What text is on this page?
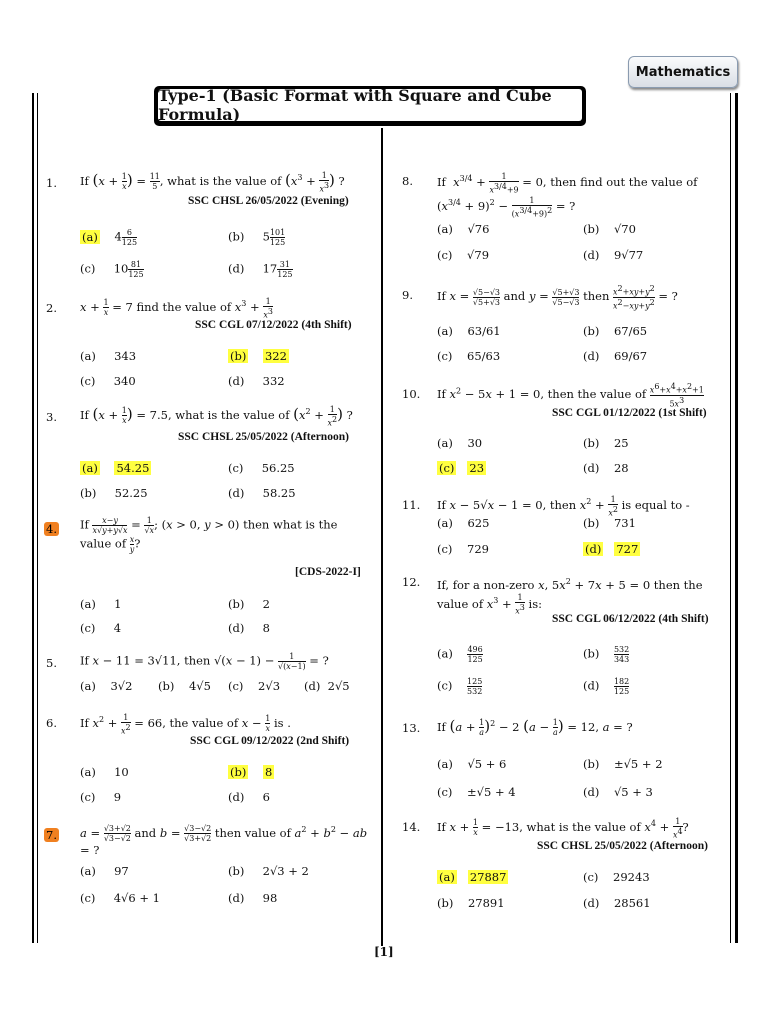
Mathematics
Type-1 (Basic Format with Square and Cube Formula)
1. If ($x + \frac{1}{x}$ ) = $\frac{11}{5}$ , what is the value of ($x^3 + \frac{1}{x^3}$ ) ?
SSC CHSL 26/05/2022 (Evening)
(a)    $4 \frac{6}{125}$	(b)     $5 \frac{101}{125}$
(c)     $10 \frac{81}{125}$	(d)     $17 \frac{31}{125}$
2. $x + \frac{1}{x} = 7$ find the value of $x^3 + \frac{1}{x^3}$
SSC CGL 07/12/2022 (4th Shift)
(a)     343	(b) 322
(c)     340	(d)     332
3. If ($x + \frac{1}{x}$ ) = 7.5, what is the value of ($x^2 + \frac{1}{x^2}$ ) ?
SSC CHSL 25/05/2022 (Afternoon)
(a) 54.25	(c)     56.25
(b)     52.25	(d)     58.25
4. If $\frac{x-y}{x√y+y√x} = \frac{1}{√x}$ ; (x > 0, y > 0) then what is the value of $\frac{x}{y}$ ?
[CDS-2022-I]
(a)     1	(b)     2
(c)     4	(d)     8
5. If x − 11 = 3√11, then $√(x - 1) - \frac{1}{√(x-1)}$ = ?
(a)    3√2 (b)    4√5 (c)    2√3 (d)  2√5
6. If $x^2 + \frac{1}{x^2} = 66$, the value of $x - \frac{1}{x}$ is .
SSC CGL 09/12/2022 (2nd Shift)
(a)     10	(b) 8
(c)     9	(d)     6
7. $a = \frac{√3+√2}{√3-√2}$ and $b = \frac{√3-√2}{√3+√2}$ then value of $a^2 + b^2$ − ab = ?
(a)     97	(b)     2√3 + 2
(c)     4√6 + 1	(d)     98
8. If  $x^{3/4} + \frac{1}{x^{3/4}+9} = 0$, then find out the value of $(x^{3/4} + 9)^2 - \frac{1}{(x^{3/4}+9)^2}$ = ?
(a)    √76	(b)    √70
(c)    √79	(d)    9√77
9. If $x = \frac{√5-√3}{√5+√3}$ and $y = \frac{√5+√3}{√5-√3}$ then $\frac{x^2+xy+y^2}{x^2-xy+y^2}$ = ?
(a)    63/61	(b)    67/65
(c)    65/63	(d)    69/67
10. If $x^2 - 5x + 1 = 0$, then the value of $\frac{x^6+x^4+x^2+1}{5x^3}$
SSC CGL 01/12/2022 (1st Shift)
(a)    30	(b)    25
(c) 23	(d)    28
11. If x − 5√x − 1 = 0, then $x^2 + \frac{1}{x^2}$ is equal to -
(a)    625	(b)    731
(c)    729	(d) 727
12. If, for a non-zero x, $5x^2 + 7x + 5 = 0$ then the value of $x^3 + \frac{1}{x^3}$ is:
SSC CGL 06/12/2022 (4th Shift)
$(a) \frac{496}{125}$	$(b) \frac{532}{343}$
$(c) \frac{125}{532}$	$(d) \frac{182}{125}$
13. If $(a + \frac{1}{a} )^2 - 2$ ($a - \frac{1}{a}$ ) = 12, a = ?
(a)    √5 + 6	(b)    ±√5 + 2
(c)    ±√5 + 4	(d)    √5 + 3
14. If $x + \frac{1}{x} = -13$, what is the value of $x^4 + \frac{1}{x^4}$ ?
SSC CHSL 25/05/2022 (Afternoon)
(a) 27887	(c)    29243
(b)    27891	(d)    28561
[1]
